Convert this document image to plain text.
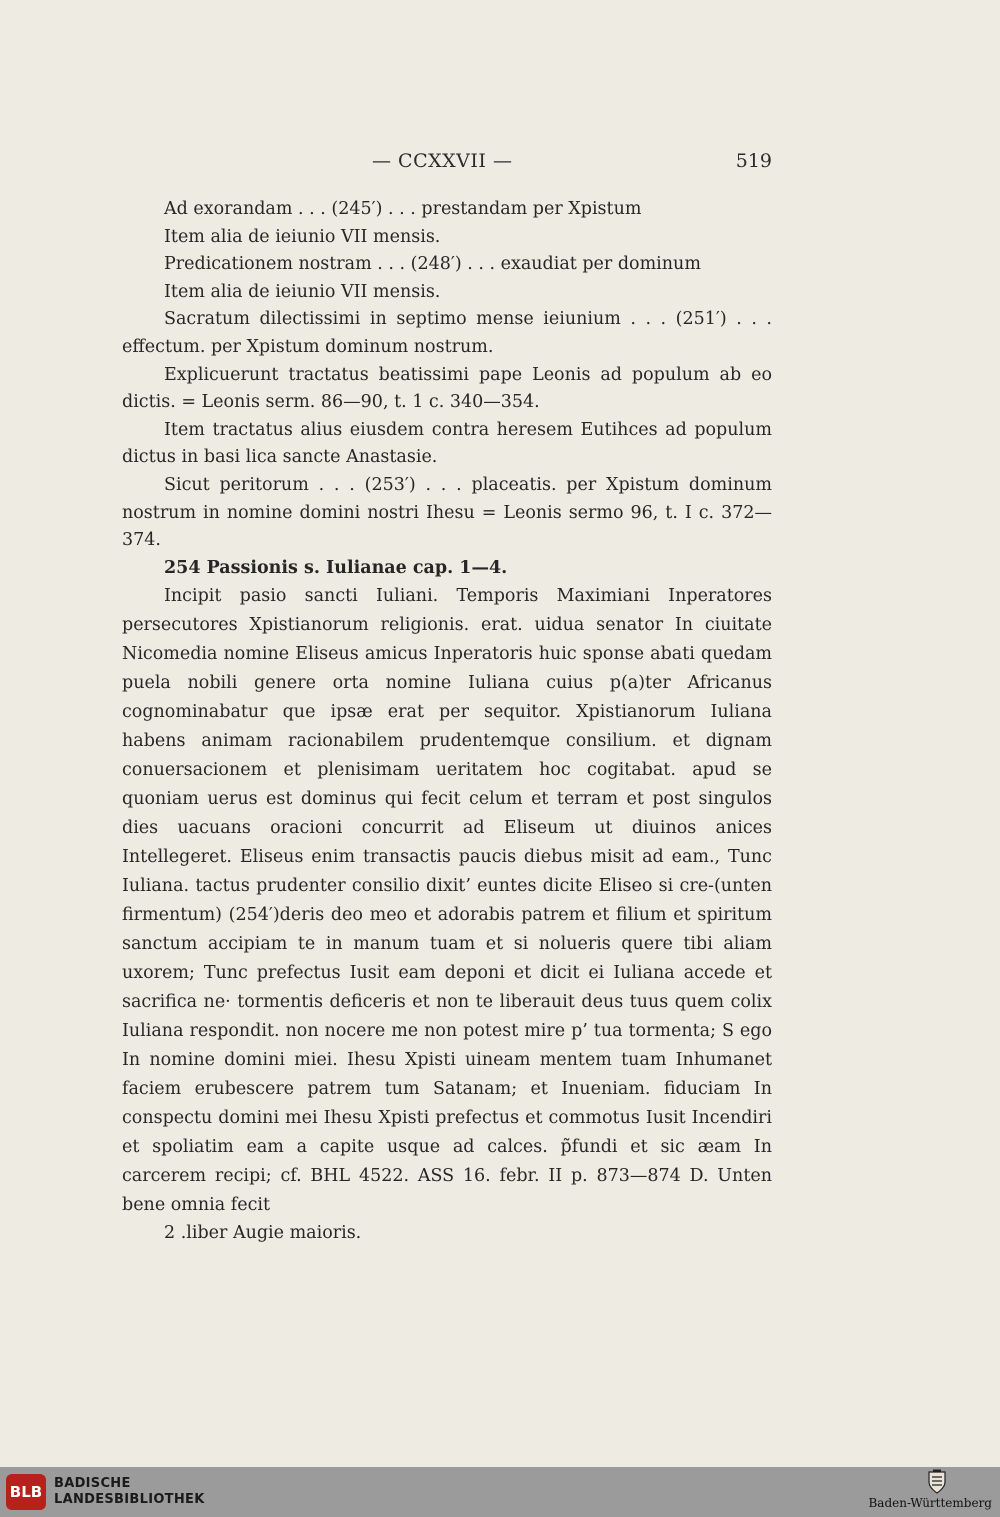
— CCXXVII —	519

Ad exorandam . . . (245′) . . . prestandam per Xpistum

Item alia de ieiunio VII mensis.

Predicationem nostram . . . (248′) . . . exaudiat per dominum

Item alia de ieiunio VII mensis.

Sacratum dilectissimi in septimo mense ieiunium . . . (251′) . . . effectum. per Xpistum dominum nostrum.

Explicuerunt tractatus beatissimi pape Leonis ad populum ab eo dictis. = Leonis serm. 86—90, t. 1 c. 340—354.

Item tractatus alius eiusdem contra heresem Eutihces ad populum dictus in basi lica sancte Anastasie.

Sicut peritorum . . . (253′) . . . placeatis. per Xpistum dominum nostrum in nomine domini nostri Ihesu = Leonis sermo 96, t. I c. 372—374.

254 Passionis s. Iulianae cap. 1—4.

Incipit pasio sancti Iuliani. Temporis Maximiani Inperatores persecutores Xpistianorum religionis. erat. uidua senator In ciuitate Nicomedia nomine Eliseus amicus Inperatoris huic sponse abati quedam puela nobili genere orta nomine Iuliana cuius p(a)ter Africanus cognominabatur que ipsæ erat per sequitor. Xpistianorum Iuliana habens animam racionabilem prudentemque consilium. et dignam conuersacionem et plenisimam ueritatem hoc cogitabat. apud se quoniam uerus est dominus qui fecit celum et terram et post singulos dies uacuans oracioni concurrit ad Eliseum ut diuinos anices Intellegeret. Eliseus enim transactis paucis diebus misit ad eam., Tunc Iuliana. tactus prudenter consilio dixit’ euntes dicite Eliseo si cre-(unten firmentum) (254′)deris deo meo et adorabis patrem et filium et spiritum sanctum accipiam te in manum tuam et si nolueris quere tibi aliam uxorem; Tunc prefectus Iusit eam deponi et dicit ei Iuliana accede et sacrifica ne· tormentis deficeris et non te liberauit deus tuus quem colix Iuliana respondit. non nocere me non potest mire p’ tua tormenta; S ego In nomine domini miei. Ihesu Xpisti uineam mentem tuam Inhumanet faciem erubescere patrem tum Satanam; et Inueniam. fiduciam In conspectu domini mei Ihesu Xpisti prefectus et commotus Iusit Incendiri et spoliatim eam a capite usque ad calces. p̃fundi et sic æam In carcerem recipi; cf. BHL 4522. ASS 16. febr. II p. 873—874 D. Unten bene omnia fecit

2 .liber Augie maioris.

BLB BADISCHE
LANDESBIBLIOTHEK	Baden-Württemberg
